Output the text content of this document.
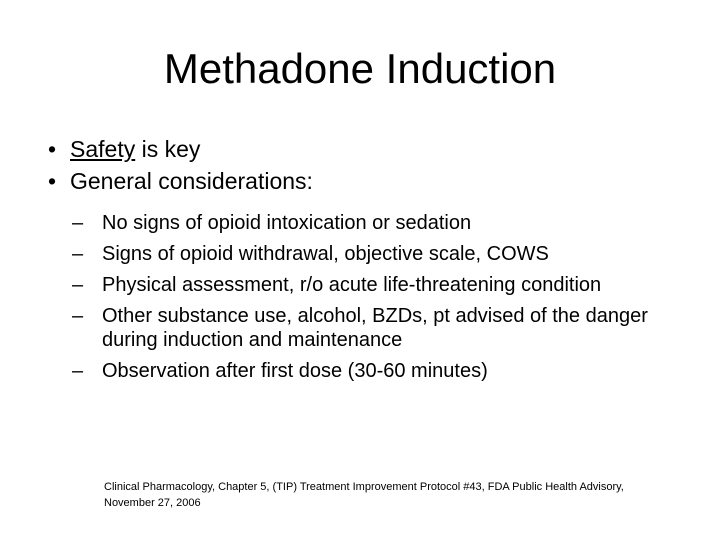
Methadone Induction
• Safety is key
• General considerations:
– No signs of opioid intoxication or sedation
– Signs of opioid withdrawal, objective scale, COWS
– Physical assessment, r/o acute life-threatening condition
– Other substance use, alcohol, BZDs, pt advised of the danger during induction and maintenance
– Observation after first dose (30-60 minutes)
Clinical Pharmacology, Chapter 5, (TIP) Treatment Improvement Protocol #43, FDA Public Health Advisory, November 27, 2006
